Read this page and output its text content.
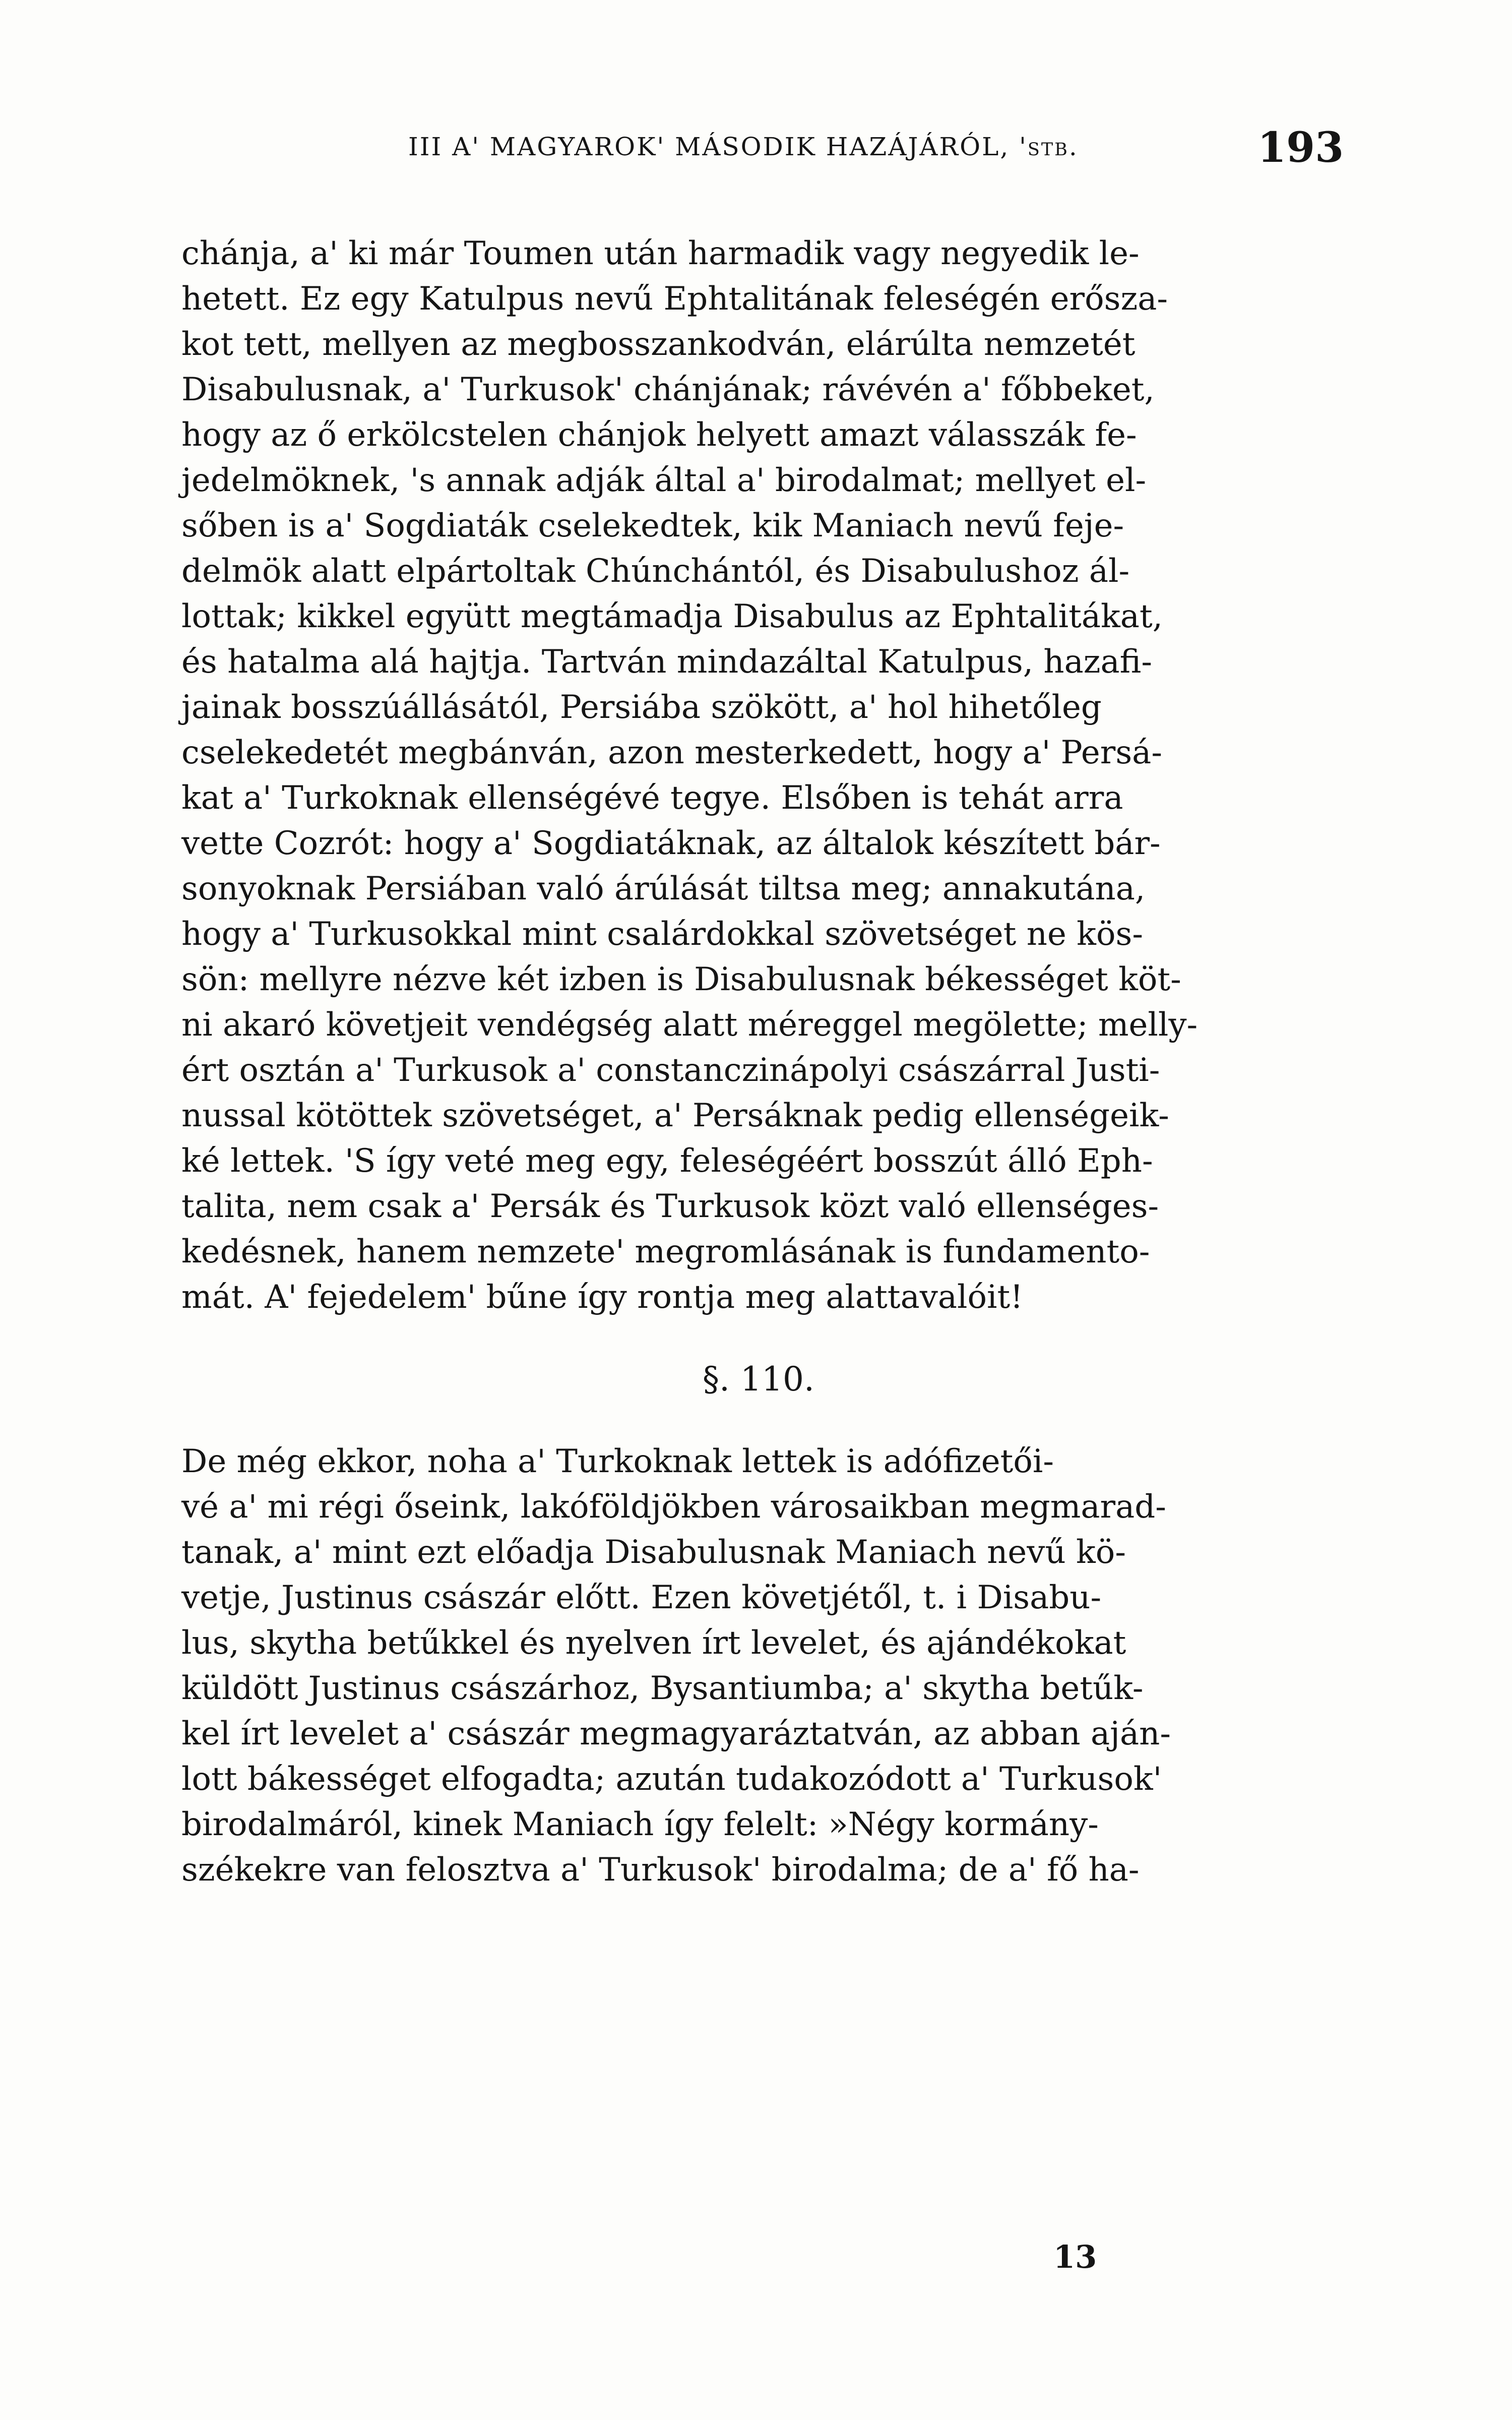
III A' MAGYAROK' MÁSODIK HAZÁJÁRÓL, 'stb.	193
chánja, a' ki már Toumen után harmadik vagy negyedik le-
hetett. Ez egy Katulpus nevű Ephtalitának feleségén erősza-
kot tett, mellyen az megbosszankodván, elárúlta nemzetét
Disabulusnak, a' Turkusok' chánjának; rávévén a' főbbeket,
hogy az ő erkölcstelen chánjok helyett amazt válasszák fe-
jedelmöknek, 's annak adják által a' birodalmat; mellyet el-
sőben is a' Sogdiaták cselekedtek, kik Maniach nevű feje-
delmök alatt elpártoltak Chúnchántól, és Disabulushoz ál-
lottak; kikkel együtt megtámadja Disabulus az Ephtalitákat,
és hatalma alá hajtja. Tartván mindazáltal Katulpus, hazafi-
jainak bosszúállásától, Persiába szökött, a' hol hihetőleg
cselekedetét megbánván, azon mesterkedett, hogy a' Persá-
kat a' Turkoknak ellenségévé tegye. Elsőben is tehát arra
vette Cozrót: hogy a' Sogdiatáknak, az általok készített bár-
sonyoknak Persiában való árúlását tiltsa meg; annakutána,
hogy a' Turkusokkal mint csalárdokkal szövetséget ne kös-
sön: mellyre nézve két izben is Disabulusnak békességet köt-
ni akaró követjeit vendégség alatt méreggel megölette; melly-
ért osztán a' Turkusok a' constanczinápolyi császárral Justi-
nussal kötöttek szövetséget, a' Persáknak pedig ellenségeik-
ké lettek. 'S így veté meg egy, feleségéért bosszút álló Eph-
talita, nem csak a' Persák és Turkusok közt való ellenséges-
kedésnek, hanem nemzete' megromlásának is fundamento-
mát. A' fejedelem' bűne így rontja meg alattavalóit!
§. 110.
De még ekkor, noha a' Turkoknak lettek is adófizetői-
vé a' mi régi őseink, lakóföldjökben városaikban megmarad-
tanak, a' mint ezt előadja Disabulusnak Maniach nevű kö-
vetje, Justinus császár előtt. Ezen követjétől, t. i Disabu-
lus, skytha betűkkel és nyelven írt levelet, és ajándékokat
küldött Justinus császárhoz, Bysantiumba; a' skytha betűk-
kel írt levelet a' császár megmagyaráztatván, az abban aján-
lott bákességet elfogadta; azután tudakozódott a' Turkusok'
birodalmáról, kinek Maniach így felelt: »Négy kormány-
székekre van felosztva a' Turkusok' birodalma; de a' fő ha-
13
